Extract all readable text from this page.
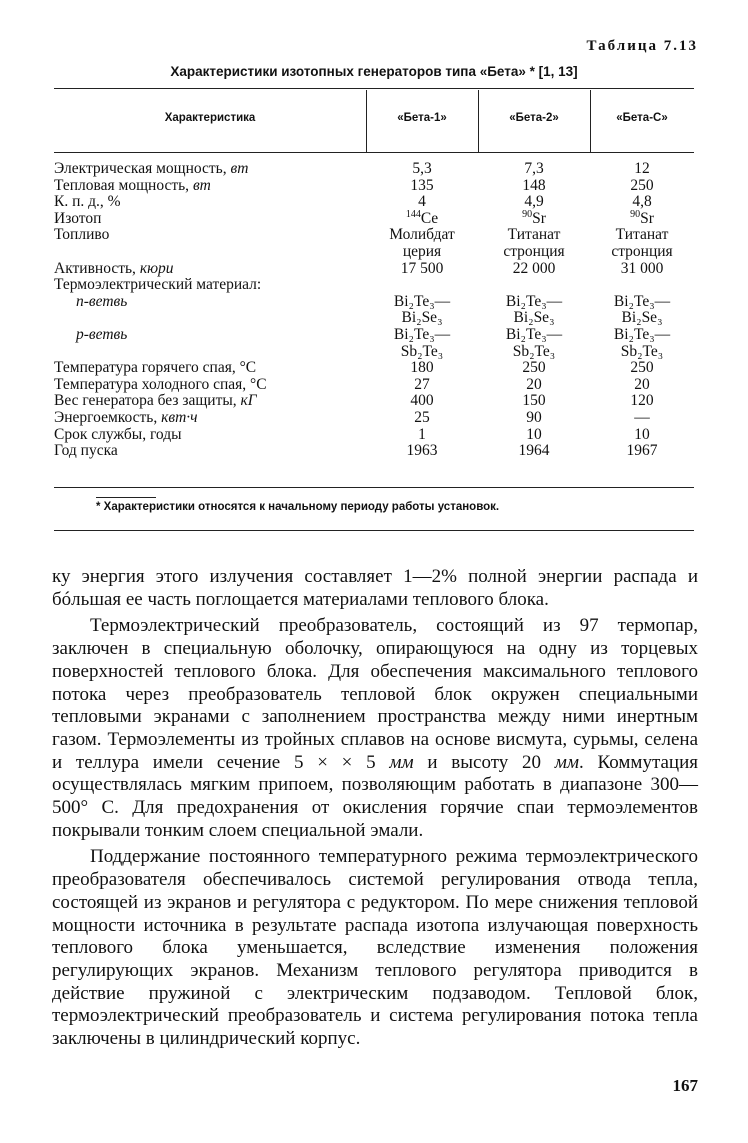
Таблица 7.13
Характеристики изотопных генераторов типа «Бета» * [1, 13]
Характеристика	«Бета-1»	«Бета-2»	«Бета-С»
Электрическая мощность, вт	5,3	7,3	12
Тепловая мощность, вт	135	148	250
К. п. д., %	4	4,9	4,8
Изотоп	$^{144}$Ce	$^{90}$Sr	$^{90}$Sr
Топливо	Молибдат	Титанат	Титанат
церия	стронция	стронция
Активность, кюри	17 500	22 000	31 000
Термоэлектрический материал:
n-ветвь	Bi₂Te₃—	Bi₂Te₃—	Bi₂Te₃—
Bi₂Se₃	Bi₂Se₃	Bi₂Se₃
p-ветвь	Bi₂Te₃—	Bi₂Te₃—	Bi₂Te₃—
Sb₂Te₃	Sb₂Te₃	Sb₂Te₃
Температура горячего спая, °С	180	250	250
Температура холодного спая, °С	27	20	20
Вес генератора без защиты, кГ	400	150	120
Энергоемкость, квт·ч	25	90	—
Срок службы, годы	1	10	10
Год пуска	1963	1964	1967
* Характеристики относятся к начальному периоду работы установок.

ку энергия этого излучения составляет 1—2% полной энергии распада и бóльшая ее часть поглощается материалами теплового блока.

Термоэлектрический преобразователь, состоящий из 97 термопар, заключен в специальную оболочку, опирающуюся на одну из торцевых поверхностей теплового блока. Для обеспечения максимального теплового потока через преобразователь тепловой блок окружен специальными тепловыми экранами с заполнением пространства между ними инертным газом. Термоэлементы из тройных сплавов на основе висмута, сурьмы, селена и теллура имели сечение 5 × × 5 мм и высоту 20 мм. Коммутация осуществлялась мягким припоем, позволяющим работать в диапазоне 300—500° С. Для предохранения от окисления горячие спаи термоэлементов покрывали тонким слоем специальной эмали.

Поддержание постоянного температурного режима термоэлектрического преобразователя обеспечивалось системой регулирования отвода тепла, состоящей из экранов и регулятора с редуктором. По мере снижения тепловой мощности источника в результате распада изотопа излучающая поверхность теплового блока уменьшается, вследствие изменения положения регулирующих экранов. Механизм теплового регулятора приводится в действие пружиной с электрическим подзаводом. Тепловой блок, термоэлектрический преобразователь и система регулирования потока тепла заключены в цилиндрический корпус.

167
